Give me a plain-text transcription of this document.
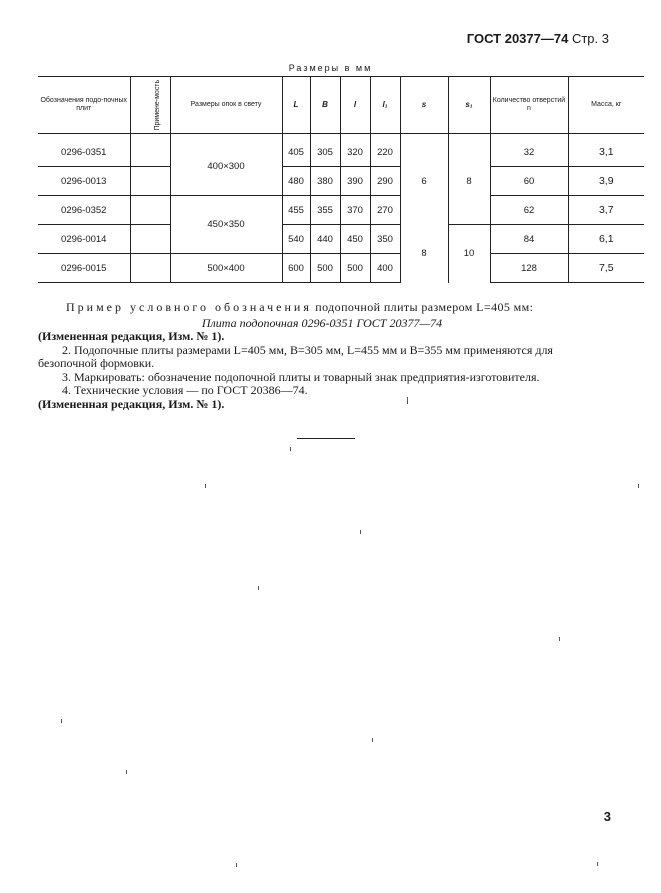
ГОСТ 20377—74 Стр. 3
Размеры в мм
Обозначения подо-почных плит	Примене-мость	Размеры опок в свету	L	B	l	l₁	s	s₁	Количество отверстий n	Масса, кг
0296-0351		400×300	405	305	320	220	6	8	32	3,1
0296-0013			480	380	390	290			60	3,9
0296-0352		450×350	455	355	370	270			62	3,7
0296-0014			540	440	450	350	8	10	84	6,1
0296-0015		500×400	600	500	500	400			128	7,5

Пример условного обозначения подопочной плиты размером L=405 мм:

Плита подопочная 0296-0351 ГОСТ 20377—74

(Измененная редакция, Изм. № 1).

2. Подопочные плиты размерами L=405 мм, B=305 мм, L=455 мм и B=355 мм применяются для безопочной формовки.

3. Маркировать: обозначение подопочной плиты и товарный знак предприятия-изготовителя.

4. Технические условия — по ГОСТ 20386—74.

(Измененная редакция, Изм. № 1).

3
